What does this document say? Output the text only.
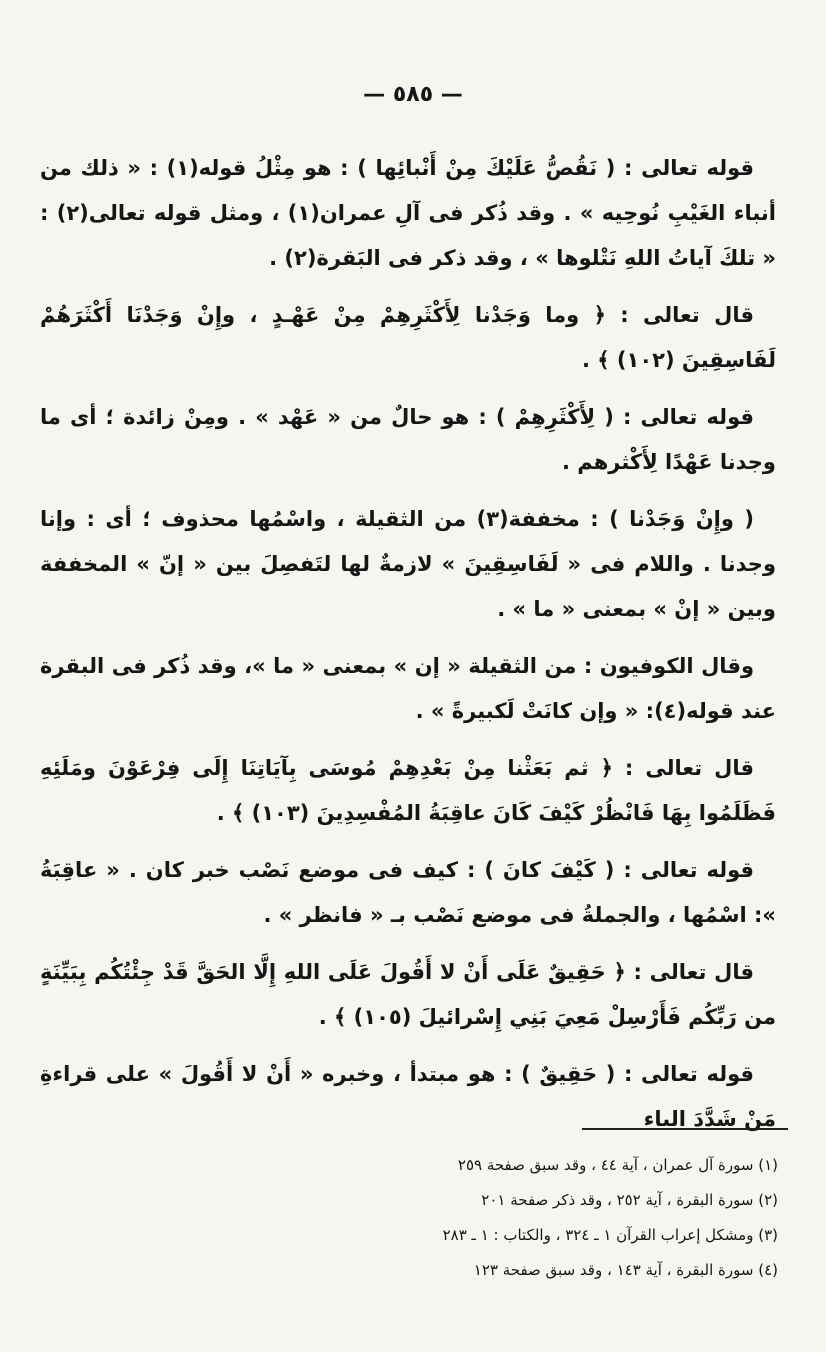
— ٥٨٥ —

قوله تعالى : ( نَقُصُّ عَلَيْكَ مِنْ أَنْبائِها ) : هو مِثْلُ قوله(١) : « ذلك من أنباء الغَيْبِ نُوحِيه » . وقد ذُكر فى آلِ عمران(١) ، ومثل قوله تعالى(٢) : « تلكَ آياتُ اللهِ نَتْلوها » ، وقد ذكر فى البَقرة(٢) .

قال تعالى : ﴿ وما وَجَدْنا لِأَكْثَرِهِمْ مِنْ عَهْـدٍ ، وإِنْ وَجَدْنَا أَكْثَرَهُمْ لَفَاسِقِينَ (١٠٢) ﴾ .

قوله تعالى : ( لِأَكْثَرِهِمْ ) : هو حالٌ من « عَهْد » . ومِنْ زائدة ؛ أى ما وجدنا عَهْدًا لِأَكْثرهم .

( وإِنْ وَجَدْنا ) : مخففة(٣) من الثقيلة ، واسْمُها محذوف ؛ أى : وإنا وجدنا . واللام فى « لَفَاسِقِينَ » لازمةٌ لها لتَفصِلَ بين « إنّ » المخففة وبين « إنْ » بمعنى « ما » .

وقال الكوفيون : من الثقيلة « إن » بمعنى « ما »، وقد ذُكر فى البقرة عند قوله(٤): « وإن كانَتْ لَكبيرةً » .

قال تعالى : ﴿ ثم بَعَثْنا مِنْ بَعْدِهِمْ مُوسَى بِآيَاتِنَا إِلَى فِرْعَوْنَ ومَلَئِهِ فَظَلَمُوا بِهَا فَانْظُرْ كَيْفَ كَانَ عاقِبَةُ المُفْسِدِينَ (١٠٣) ﴾ .

قوله تعالى : ( كَيْفَ كانَ ) : كيف فى موضع نَصْب خبر كان . « عاقِبَةُ »: اسْمُها ، والجملةُ فى موضع نَصْب بـ « فانظر » .

قال تعالى : ﴿ حَقِيقٌ عَلَى أَنْ لا أَقُولَ عَلَى اللهِ إِلَّا الحَقَّ قَدْ جِئْتُكُم بِبَيِّنَةٍ من رَبِّكُم فَأَرْسِلْ مَعِيَ بَنِي إِسْرائيلَ (١٠٥) ﴾ .

قوله تعالى : ( حَقِيقٌ ) : هو مبتدأ ، وخبره « أَنْ لا أَقُولَ » على قراءةِ مَنْ شَدَّدَ الياء

(١) سورة آل عمران ، آية ٤٤ ، وقد سبق صفحة ٢٥٩
(٢) سورة البقرة ، آية ٢٥٢ ، وقد ذكر صفحة ٢٠١
(٣) ومشكل إعراب القرآن ١ ـ ٣٢٤ ، والكتاب : ١ ـ ٢٨٣
(٤) سورة البقرة ، آية ١٤٣ ، وقد سبق صفحة ١٢٣
